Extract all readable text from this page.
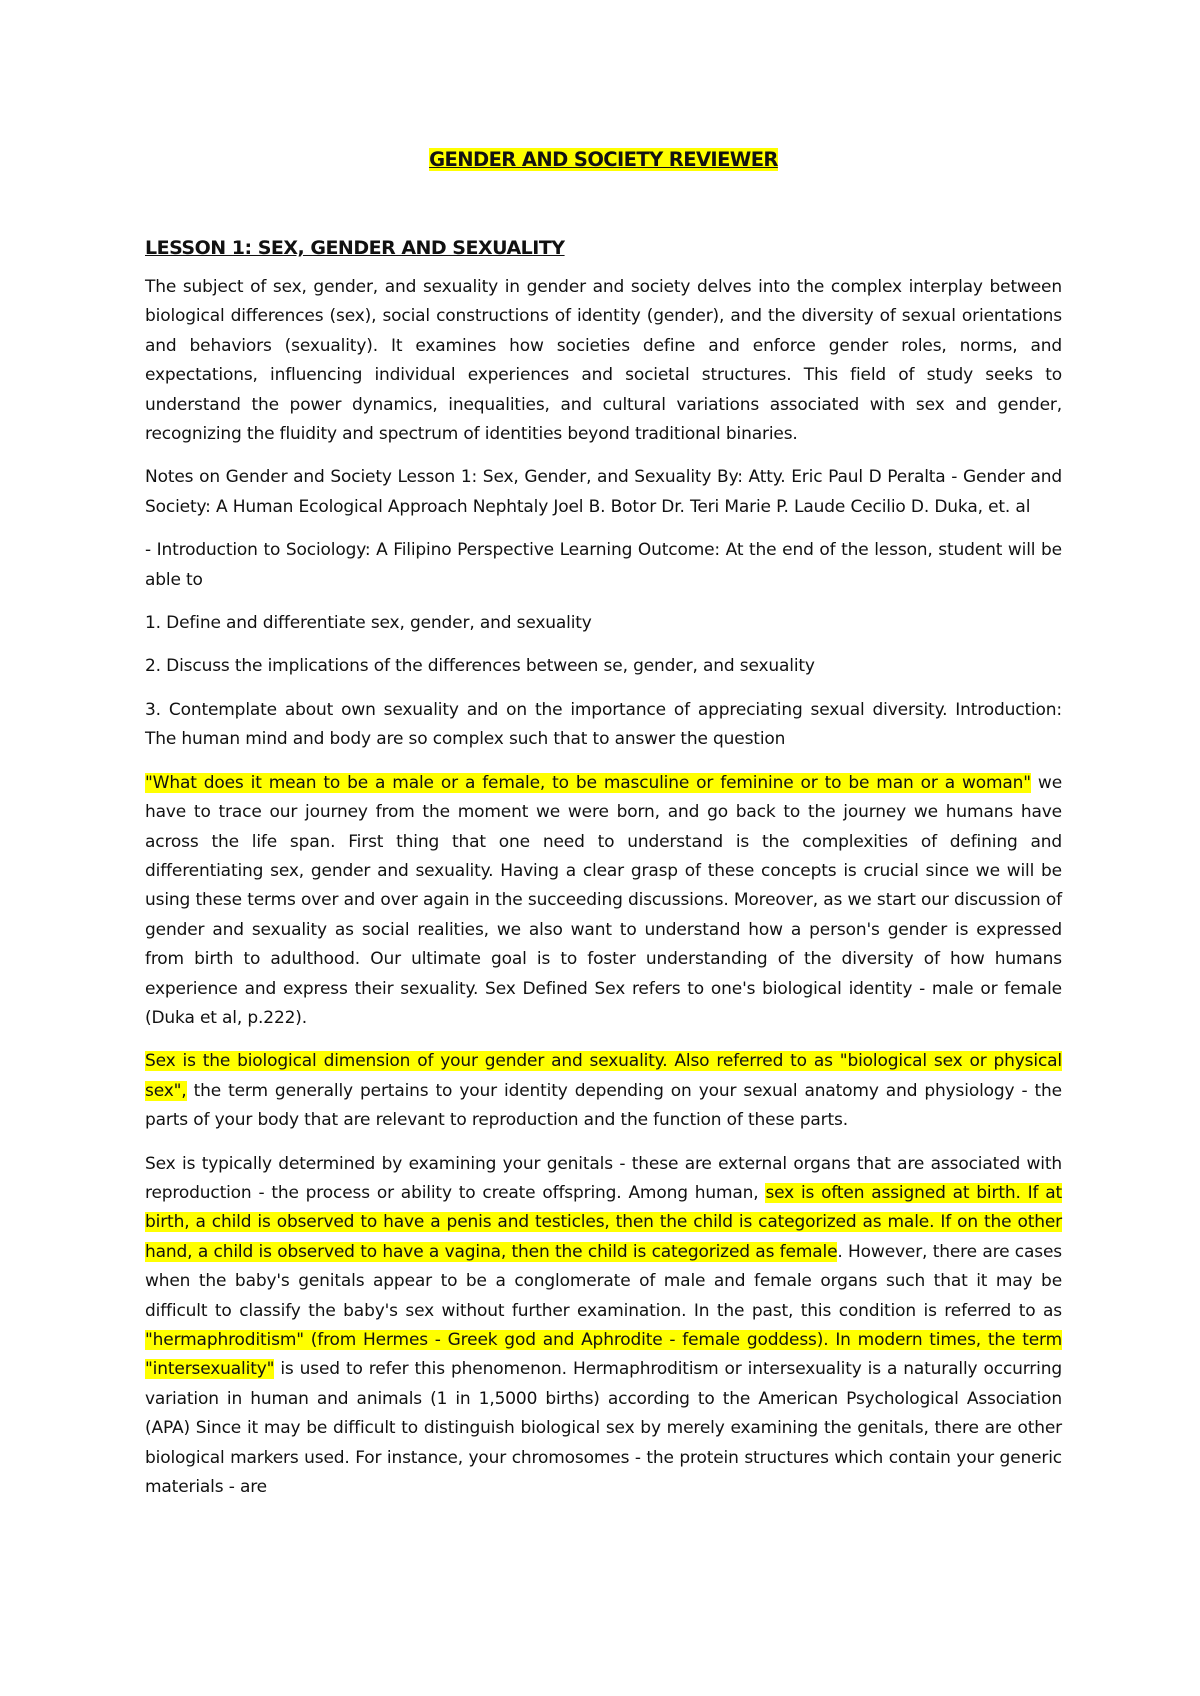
GENDER AND SOCIETY REVIEWER
LESSON 1: SEX, GENDER AND SEXUALITY

The subject of sex, gender, and sexuality in gender and society delves into the complex interplay between biological differences (sex), social constructions of identity (gender), and the diversity of sexual orientations and behaviors (sexuality). It examines how societies define and enforce gender roles, norms, and expectations, influencing individual experiences and societal structures. This field of study seeks to understand the power dynamics, inequalities, and cultural variations associated with sex and gender, recognizing the fluidity and spectrum of identities beyond traditional binaries.

Notes on Gender and Society Lesson 1: Sex, Gender, and Sexuality By: Atty. Eric Paul D Peralta - Gender and Society: A Human Ecological Approach Nephtaly Joel B. Botor Dr. Teri Marie P. Laude Cecilio D. Duka, et. al

- Introduction to Sociology: A Filipino Perspective Learning Outcome: At the end of the lesson, student will be able to

1. Define and differentiate sex, gender, and sexuality

2. Discuss the implications of the differences between se, gender, and sexuality

3. Contemplate about own sexuality and on the importance of appreciating sexual diversity. Introduction: The human mind and body are so complex such that to answer the question

"What does it mean to be a male or a female, to be masculine or feminine or to be man or a woman" we have to trace our journey from the moment we were born, and go back to the journey we humans have across the life span. First thing that one need to understand is the complexities of defining and differentiating sex, gender and sexuality. Having a clear grasp of these concepts is crucial since we will be using these terms over and over again in the succeeding discussions. Moreover, as we start our discussion of gender and sexuality as social realities, we also want to understand how a person's gender is expressed from birth to adulthood. Our ultimate goal is to foster understanding of the diversity of how humans experience and express their sexuality. Sex Defined Sex refers to one's biological identity - male or female (Duka et al, p.222).

Sex is the biological dimension of your gender and sexuality. Also referred to as "biological sex or physical sex", the term generally pertains to your identity depending on your sexual anatomy and physiology - the parts of your body that are relevant to reproduction and the function of these parts.

Sex is typically determined by examining your genitals - these are external organs that are associated with reproduction - the process or ability to create offspring. Among human, sex is often assigned at birth. If at birth, a child is observed to have a penis and testicles, then the child is categorized as male. If on the other hand, a child is observed to have a vagina, then the child is categorized as female. However, there are cases when the baby's genitals appear to be a conglomerate of male and female organs such that it may be difficult to classify the baby's sex without further examination. In the past, this condition is referred to as "hermaphroditism" (from Hermes - Greek god and Aphrodite - female goddess). In modern times, the term "intersexuality" is used to refer this phenomenon. Hermaphroditism or intersexuality is a naturally occurring variation in human and animals (1 in 1,5000 births) according to the American Psychological Association (APA) Since it may be difficult to distinguish biological sex by merely examining the genitals, there are other biological markers used. For instance, your chromosomes - the protein structures which contain your generic materials - are
